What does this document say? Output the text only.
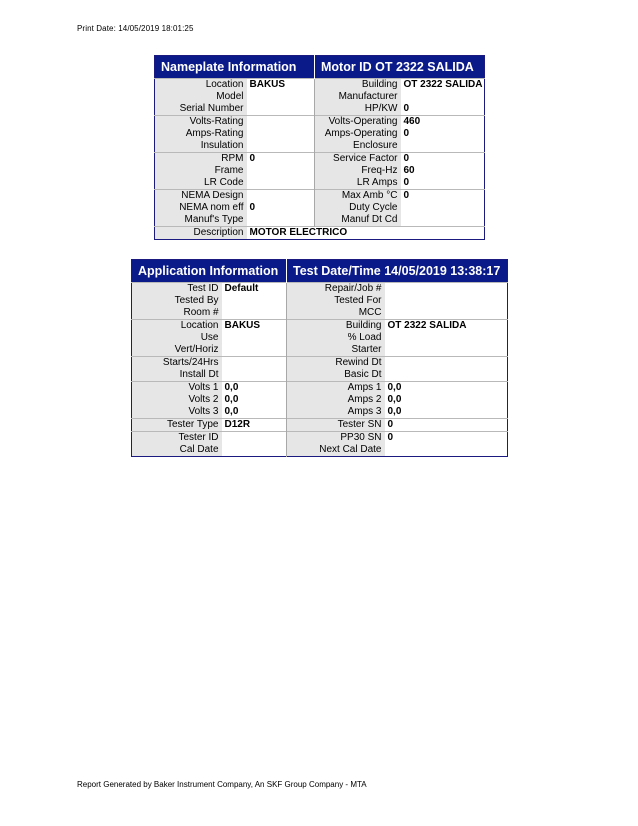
Print Date: 14/05/2019 18:01:25
Nameplate Information		Motor ID OT 2322 SALIDA	
Location	BAKUS	Building	OT 2322 SALIDA
Model		Manufacturer	
Serial Number		HP/KW	0
Volts-Rating		Volts-Operating	460
Amps-Rating		Amps-Operating	0
Insulation		Enclosure	
RPM	0	Service Factor	0
Frame		Freq-Hz	60
LR Code		LR Amps	0
NEMA Design		Max Amb °C	0
NEMA nom eff	0	Duty Cycle	
Manuf's Type		Manuf Dt Cd	
Description	MOTOR ELECTRICO		
Application Information		Test Date/Time 14/05/2019 13:38:17	
Test ID	Default	Repair/Job #	
Tested By		Tested For	
Room #		MCC	
Location	BAKUS	Building	OT 2322 SALIDA
Use		% Load	
Vert/Horiz		Starter	
Starts/24Hrs		Rewind Dt	
Install Dt		Basic Dt	
Volts 1	0,0	Amps 1	0,0
Volts 2	0,0	Amps 2	0,0
Volts 3	0,0	Amps 3	0,0
Tester Type	D12R	Tester SN	0
Tester ID		PP30 SN	0
Cal Date		Next Cal Date	
Report Generated by Baker Instrument Company, An SKF Group Company - MTA
